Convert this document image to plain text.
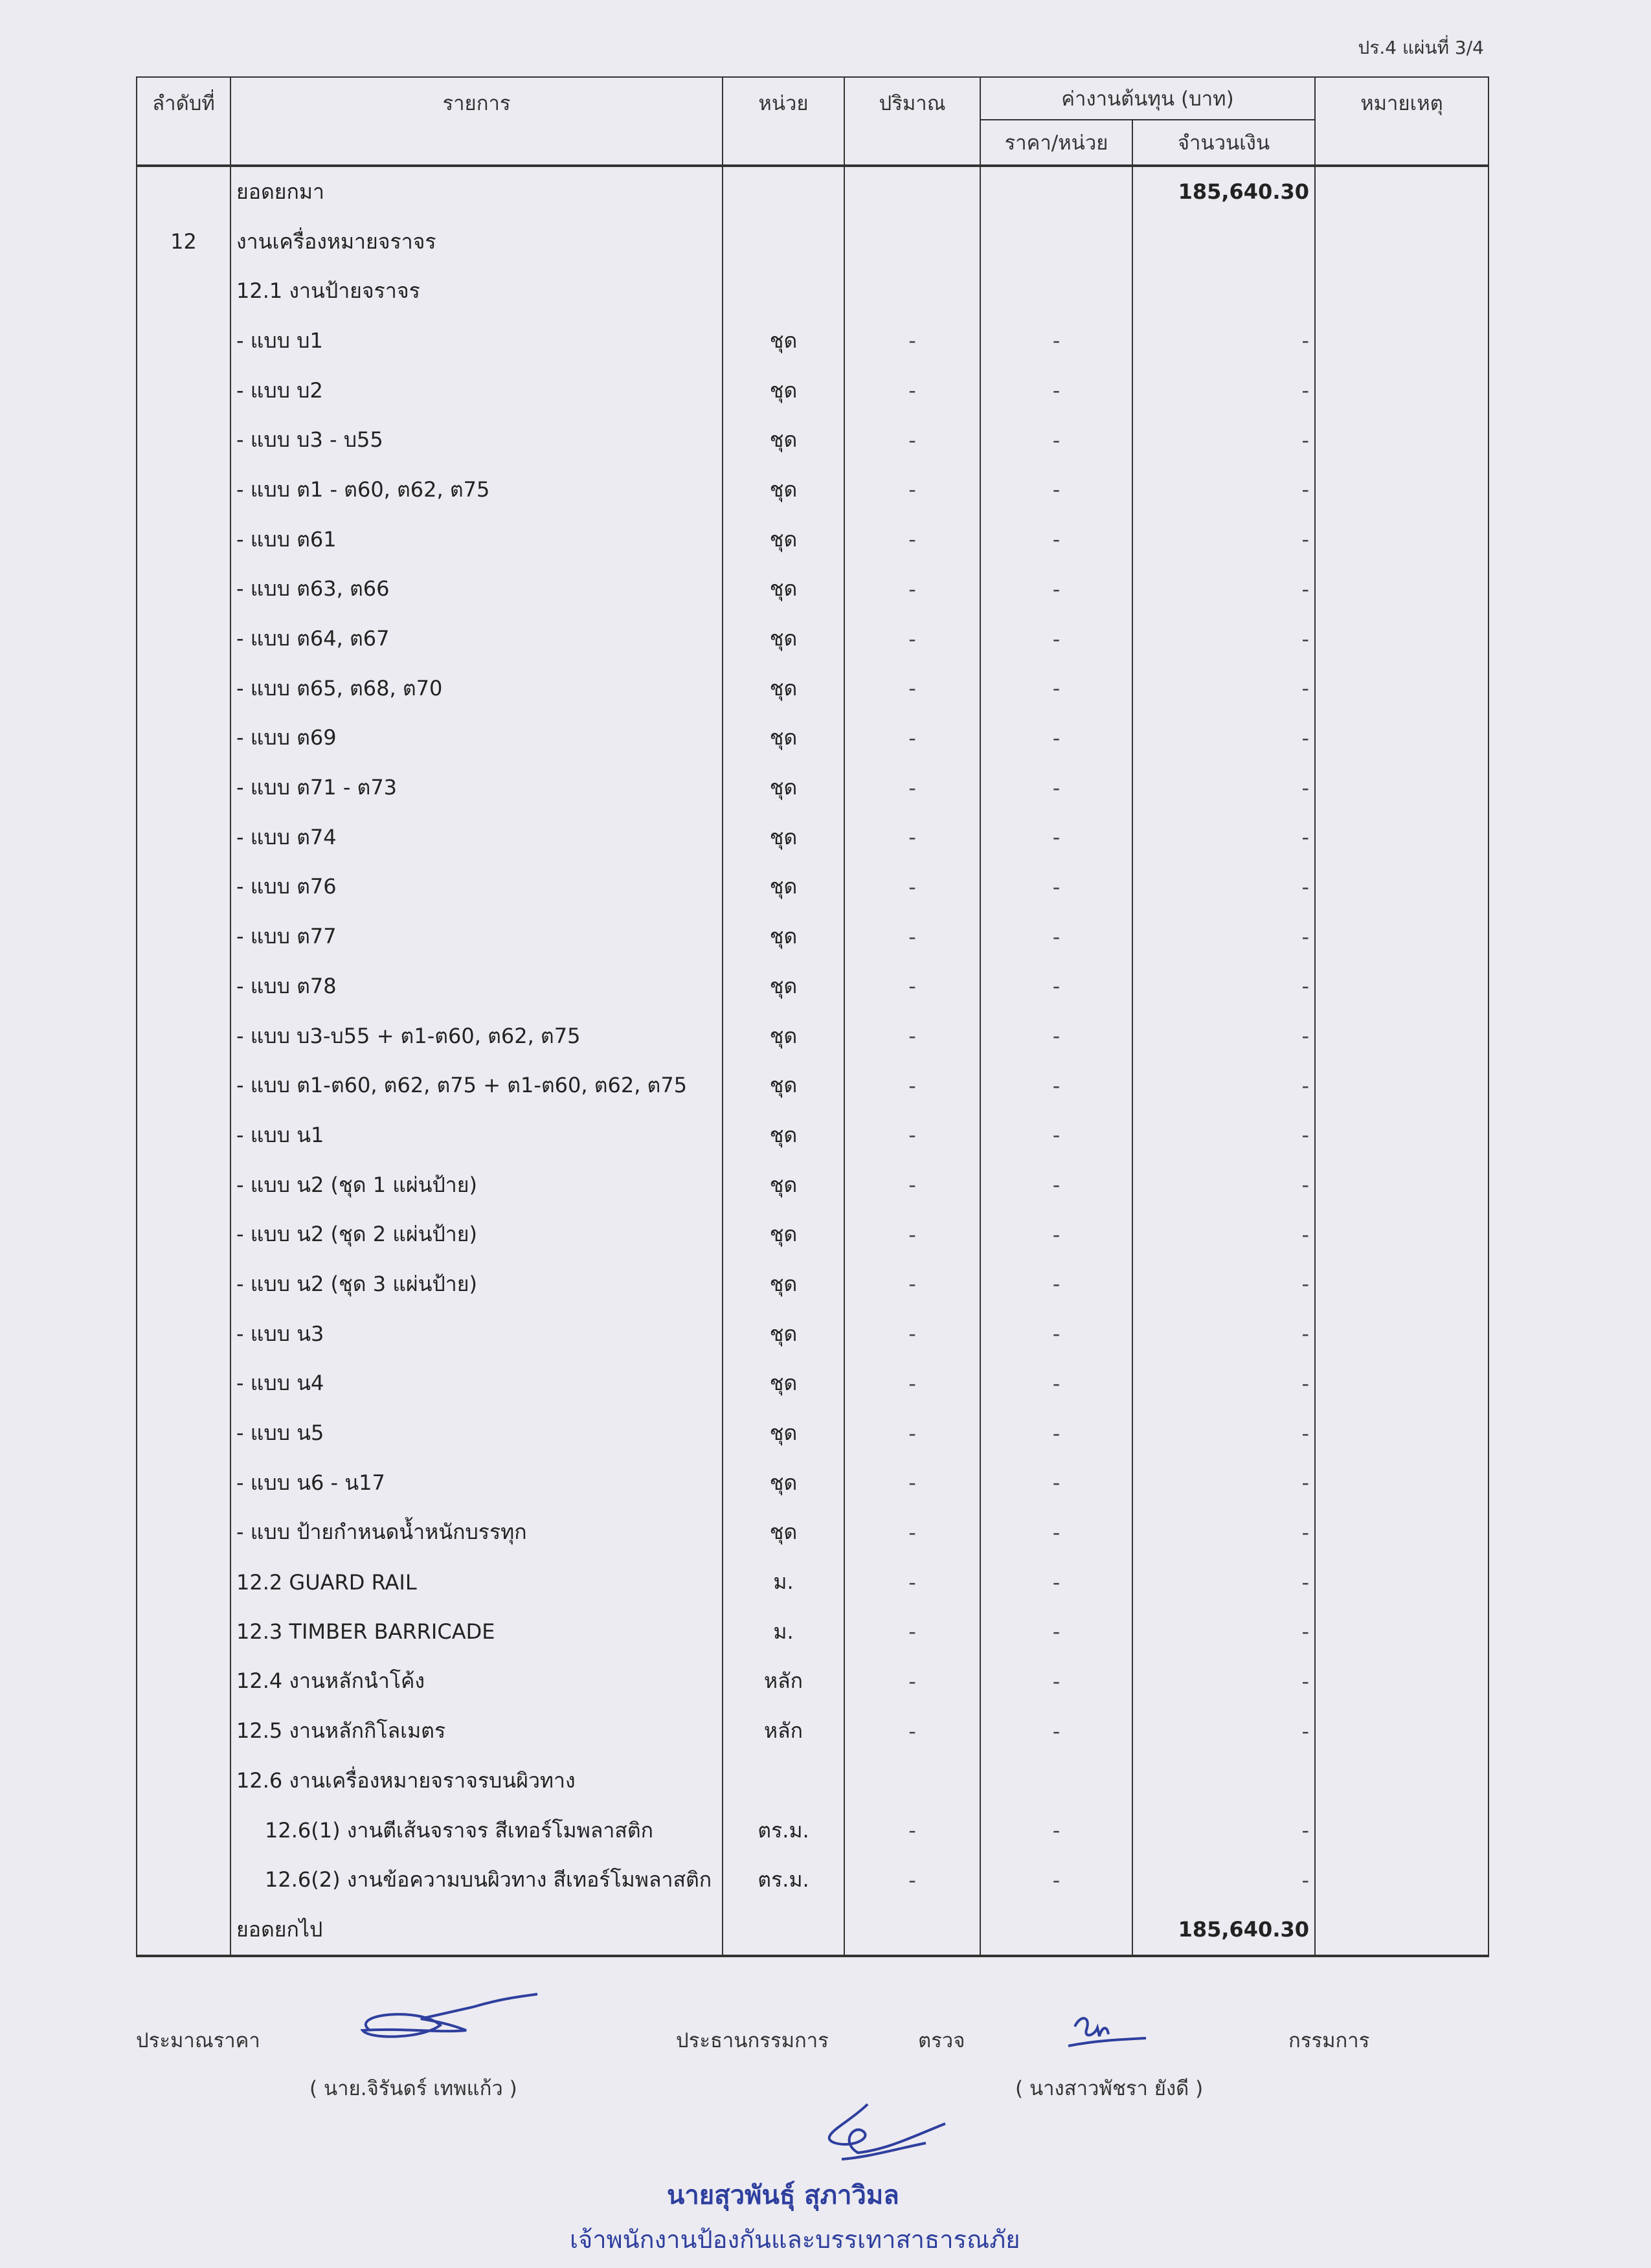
ปร.4 แผ่นที่ 3/4
ลำดับที่	รายการ	หน่วย	ปริมาณ	ค่างานต้นทุน (บาท)		หมายเหตุ
				ราคา/หน่วย	จำนวนเงิน	
	ยอดยกมา				185,640.30	
12	งานเครื่องหมายจราจร					
	12.1 งานป้ายจราจร					
	- แบบ บ1	ชุด	-	-	-	
	- แบบ บ2	ชุด	-	-	-	
	- แบบ บ3 - บ55	ชุด	-	-	-	
	- แบบ ต1 - ต60, ต62, ต75	ชุด	-	-	-	
	- แบบ ต61	ชุด	-	-	-	
	- แบบ ต63, ต66	ชุด	-	-	-	
	- แบบ ต64, ต67	ชุด	-	-	-	
	- แบบ ต65, ต68, ต70	ชุด	-	-	-	
	- แบบ ต69	ชุด	-	-	-	
	- แบบ ต71 - ต73	ชุด	-	-	-	
	- แบบ ต74	ชุด	-	-	-	
	- แบบ ต76	ชุด	-	-	-	
	- แบบ ต77	ชุด	-	-	-	
	- แบบ ต78	ชุด	-	-	-	
	- แบบ บ3-บ55 + ต1-ต60, ต62, ต75	ชุด	-	-	-	
	- แบบ ต1-ต60, ต62, ต75 + ต1-ต60, ต62, ต75	ชุด	-	-	-	
	- แบบ น1	ชุด	-	-	-	
	- แบบ น2 (ชุด 1 แผ่นป้าย)	ชุด	-	-	-	
	- แบบ น2 (ชุด 2 แผ่นป้าย)	ชุด	-	-	-	
	- แบบ น2 (ชุด 3 แผ่นป้าย)	ชุด	-	-	-	
	- แบบ น3	ชุด	-	-	-	
	- แบบ น4	ชุด	-	-	-	
	- แบบ น5	ชุด	-	-	-	
	- แบบ น6 - น17	ชุด	-	-	-	
	- แบบ ป้ายกำหนดน้ำหนักบรรทุก	ชุด	-	-	-	
	12.2 GUARD RAIL	ม.	-	-	-	
	12.3 TIMBER BARRICADE	ม.	-	-	-	
	12.4 งานหลักนำโค้ง	หลัก	-	-	-	
	12.5 งานหลักกิโลเมตร	หลัก	-	-	-	
	12.6 งานเครื่องหมายจราจรบนผิวทาง					
	12.6(1) งานตีเส้นจราจร สีเทอร์โมพลาสติก	ตร.ม.	-	-	-	
	12.6(2) งานข้อความบนผิวทาง สีเทอร์โมพลาสติก	ตร.ม.	-	-	-	
	ยอดยกไป				185,640.30	
ประมาณราคา
( นาย.จิรันดร์ เทพแก้ว )
ประธานกรรมการ	ตรวจ	กรรมการ
( นางสาวพัชรา ยังดี )
นายสุวพันธุ์ สุภาวิมล
เจ้าพนักงานป้องกันและบรรเทาสาธารณภัย
